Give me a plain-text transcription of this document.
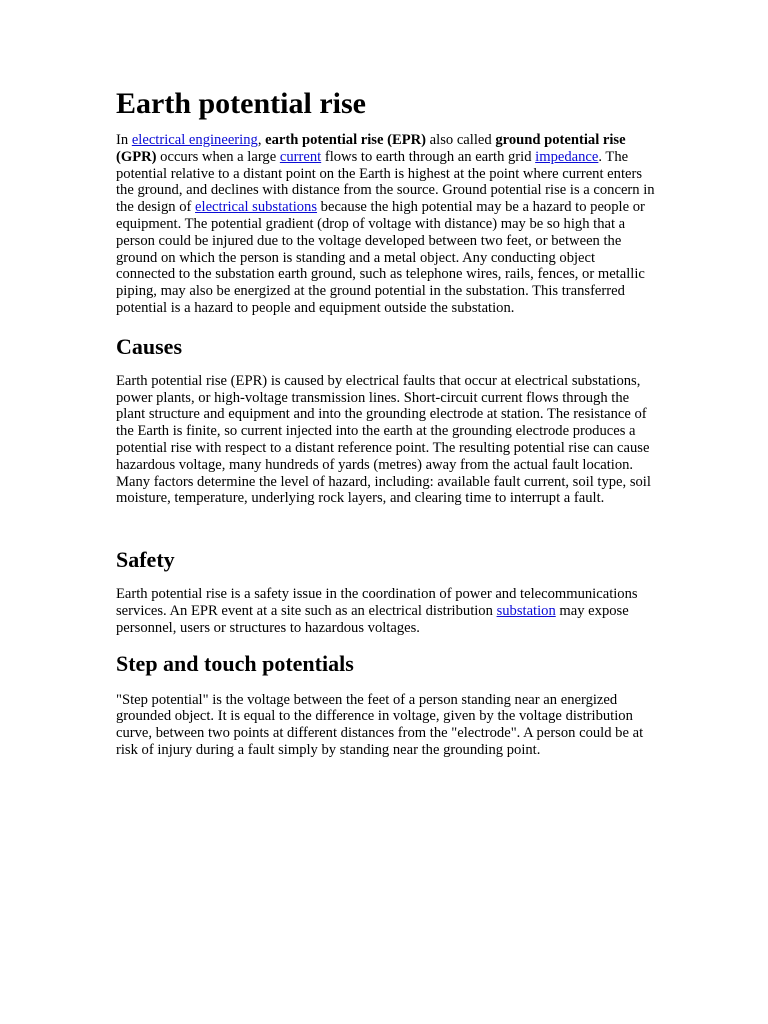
Earth potential rise

In electrical engineering, earth potential rise (EPR) also called ground potential rise (GPR) occurs when a large current flows to earth through an earth grid impedance. The potential relative to a distant point on the Earth is highest at the point where current enters the ground, and declines with distance from the source. Ground potential rise is a concern in the design of electrical substations because the high potential may be a hazard to people or equipment. The potential gradient (drop of voltage with distance) may be so high that a person could be injured due to the voltage developed between two feet, or between the ground on which the person is standing and a metal object. Any conducting object connected to the substation earth ground, such as telephone wires, rails, fences, or metallic piping, may also be energized at the ground potential in the substation. This transferred potential is a hazard to people and equipment outside the substation.

Causes

Earth potential rise (EPR) is caused by electrical faults that occur at electrical substations, power plants, or high-voltage transmission lines. Short-circuit current flows through the plant structure and equipment and into the grounding electrode at station. The resistance of the Earth is finite, so current injected into the earth at the grounding electrode produces a potential rise with respect to a distant reference point. The resulting potential rise can cause hazardous voltage, many hundreds of yards (metres) away from the actual fault location. Many factors determine the level of hazard, including: available fault current, soil type, soil moisture, temperature, underlying rock layers, and clearing time to interrupt a fault.

Safety

Earth potential rise is a safety issue in the coordination of power and telecommunications services. An EPR event at a site such as an electrical distribution substation may expose personnel, users or structures to hazardous voltages.

Step and touch potentials

"Step potential" is the voltage between the feet of a person standing near an energized grounded object. It is equal to the difference in voltage, given by the voltage distribution curve, between two points at different distances from the "electrode". A person could be at risk of injury during a fault simply by standing near the grounding point.
